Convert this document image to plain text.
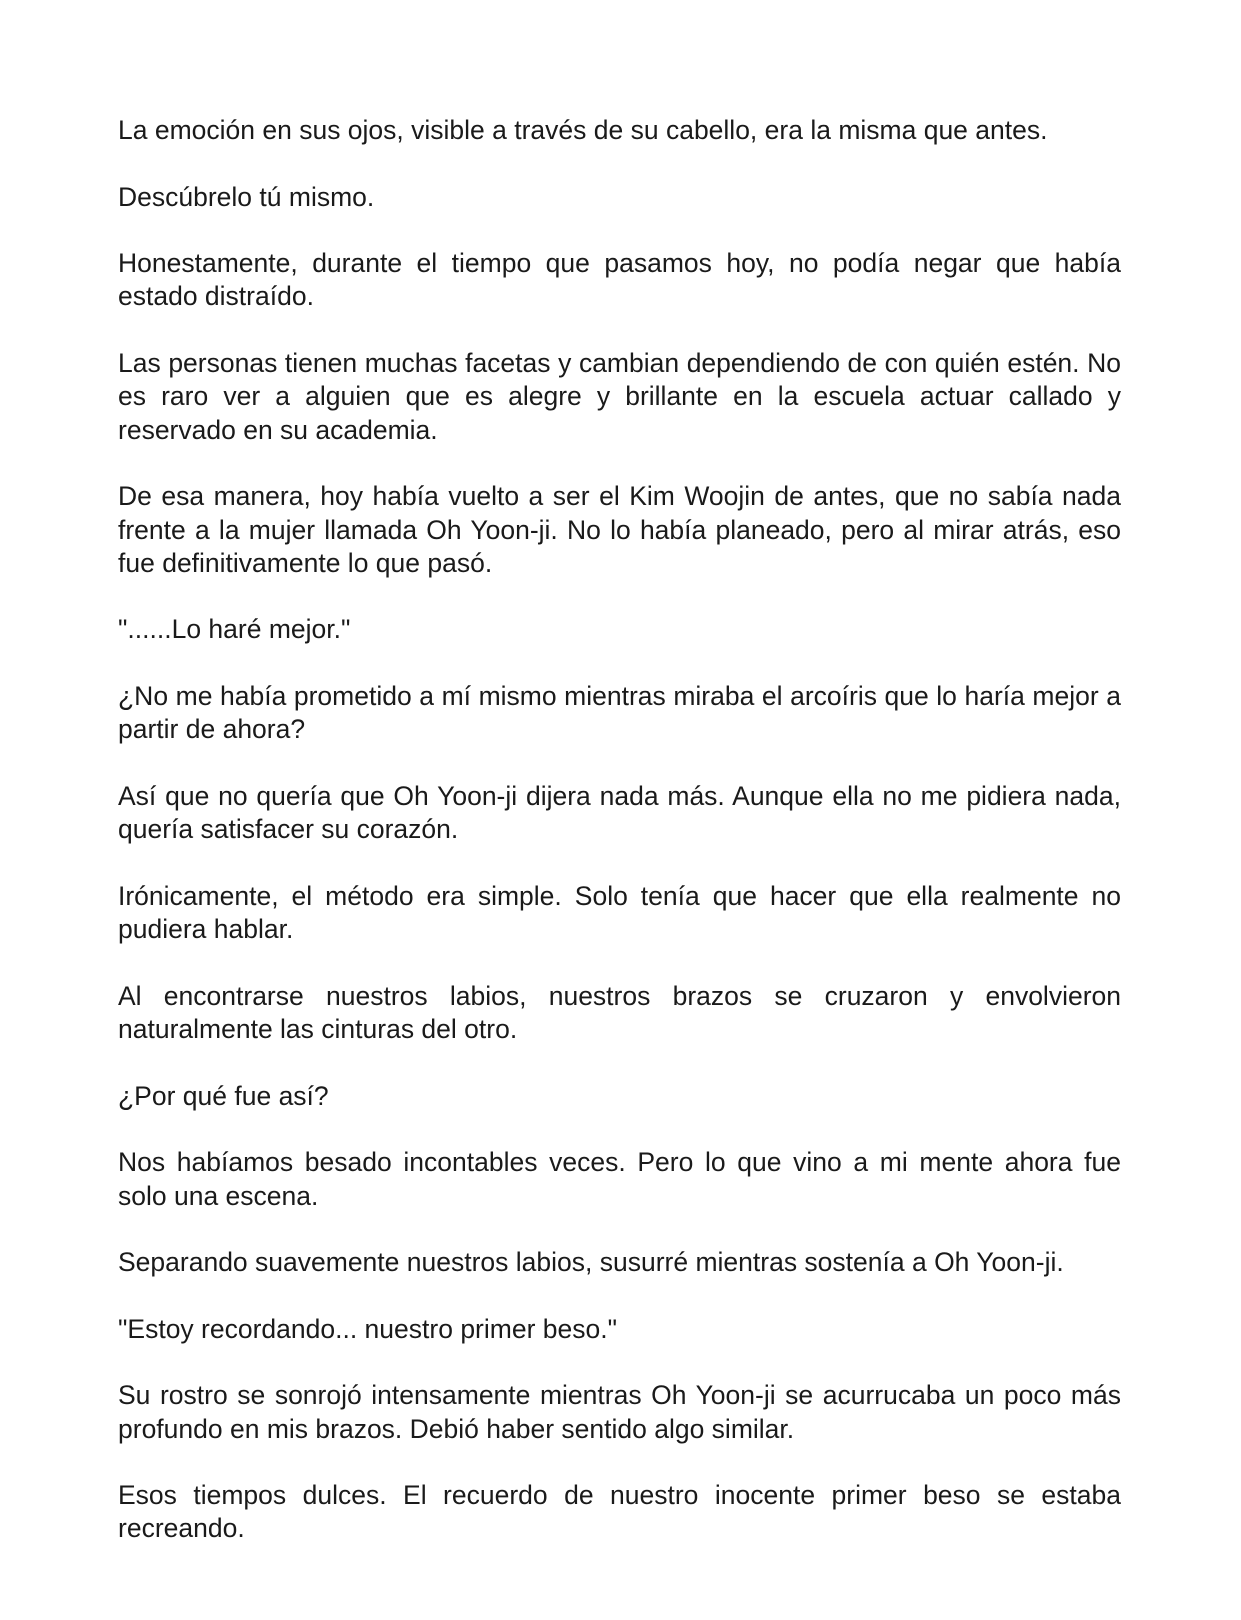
La emoción en sus ojos, visible a través de su cabello, era la misma que antes.

Descúbrelo tú mismo.

Honestamente, durante el tiempo que pasamos hoy, no podía negar que había estado distraído.

Las personas tienen muchas facetas y cambian dependiendo de con quién estén. No es raro ver a alguien que es alegre y brillante en la escuela actuar callado y reservado en su academia.

De esa manera, hoy había vuelto a ser el Kim Woojin de antes, que no sabía nada frente a la mujer llamada Oh Yoon-ji. No lo había planeado, pero al mirar atrás, eso fue definitivamente lo que pasó.

"......Lo haré mejor."

¿No me había prometido a mí mismo mientras miraba el arcoíris que lo haría mejor a partir de ahora?

Así que no quería que Oh Yoon-ji dijera nada más. Aunque ella no me pidiera nada, quería satisfacer su corazón.

Irónicamente, el método era simple. Solo tenía que hacer que ella realmente no pudiera hablar.

Al encontrarse nuestros labios, nuestros brazos se cruzaron y envolvieron naturalmente las cinturas del otro.

¿Por qué fue así?

Nos habíamos besado incontables veces. Pero lo que vino a mi mente ahora fue solo una escena.

Separando suavemente nuestros labios, susurré mientras sostenía a Oh Yoon-ji.

"Estoy recordando... nuestro primer beso."

Su rostro se sonrojó intensamente mientras Oh Yoon-ji se acurrucaba un poco más profundo en mis brazos. Debió haber sentido algo similar.

Esos tiempos dulces. El recuerdo de nuestro inocente primer beso se estaba recreando.
